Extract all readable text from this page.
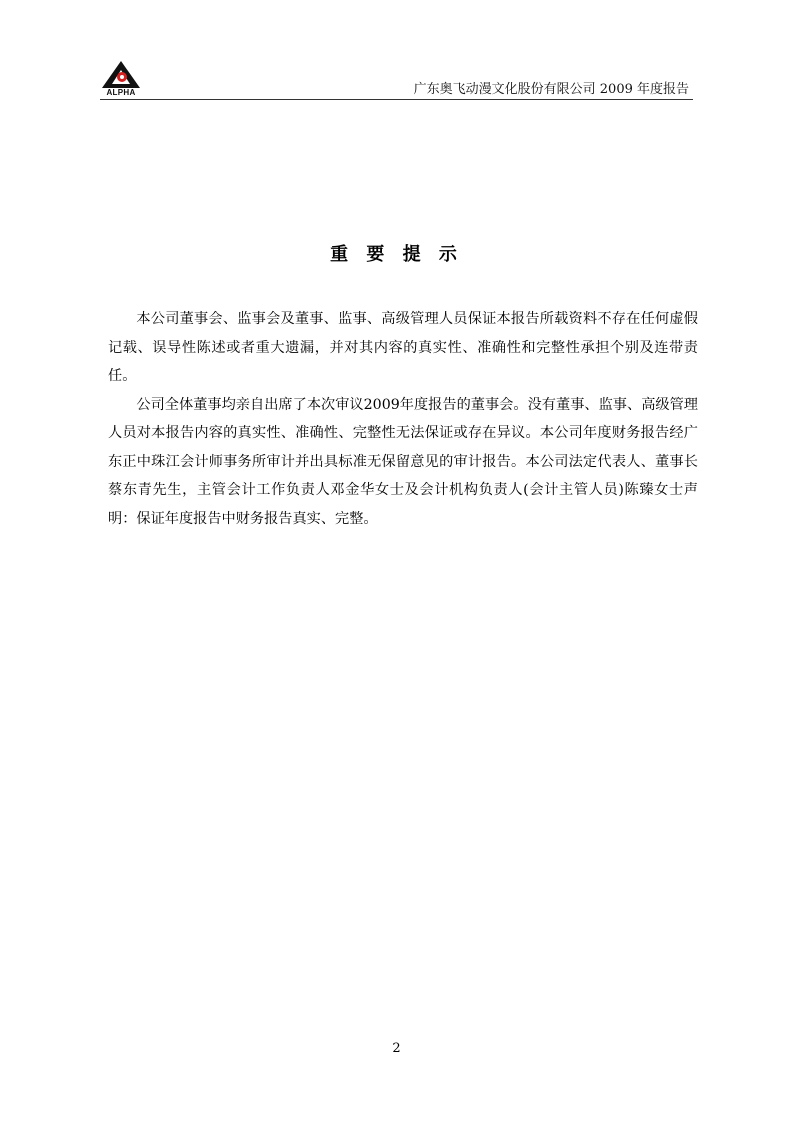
ALPHA	广东奥飞动漫文化股份有限公司 2009 年度报告
重 要 提 示

本公司董事会、监事会及董事、监事、高级管理人员保证本报告所载资料不存在任何虚假记载、误导性陈述或者重大遗漏，并对其内容的真实性、准确性和完整性承担个别及连带责任。

公司全体董事均亲自出席了本次审议2009年度报告的董事会。没有董事、监事、高级管理人员对本报告内容的真实性、准确性、完整性无法保证或存在异议。本公司年度财务报告经广东正中珠江会计师事务所审计并出具标准无保留意见的审计报告。本公司法定代表人、董事长蔡东青先生，主管会计工作负责人邓金华女士及会计机构负责人(会计主管人员)陈臻女士声明：保证年度报告中财务报告真实、完整。

2
